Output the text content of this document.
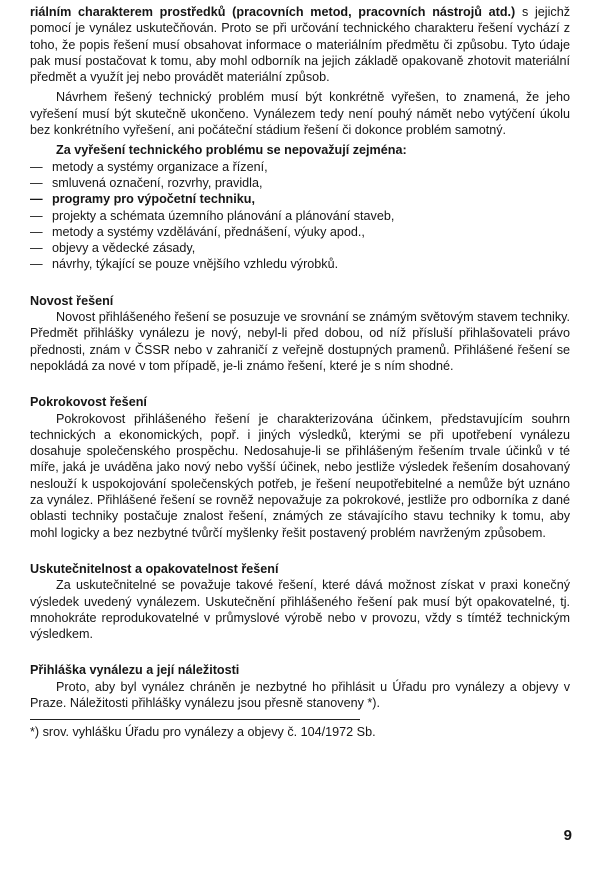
riálním charakterem prostředků (pracovních metod, pracovních nástrojů atd.) s jejichž pomocí je vynález uskutečňován. Proto se při určování technického charakteru řešení vychází z toho, že popis řešení musí obsahovat informace o materiálním předmětu či způsobu. Tyto údaje pak musí postačovat k tomu, aby mohl odborník na jejich základě opakovaně zhotovit materiální předmět a využít jej nebo provádět materiální způsob.

Návrhem řešený technický problém musí být konkrétně vyřešen, to znamená, že jeho vyřešení musí být skutečně ukončeno. Vynálezem tedy není pouhý námět nebo vytýčení úkolu bez konkrétního vyřešení, ani počáteční stádium řešení či dokonce problém samotný.

Za vyřešení technického problému se nepovažují zejména:

— metody a systémy organizace a řízení,
— smluvená označení, rozvrhy, pravidla,
— programy pro výpočetní techniku,
— projekty a schémata územního plánování a plánování staveb,
— metody a systémy vzdělávání, přednášení, výuky apod.,
— objevy a vědecké zásady,
— návrhy, týkající se pouze vnějšího vzhledu výrobků.
Novost řešení

Novost přihlášeného řešení se posuzuje ve srovnání se známým světovým stavem techniky. Předmět přihlášky vynálezu je nový, nebyl-li před dobou, od níž přísluší přihlašovateli právo přednosti, znám v ČSSR nebo v zahraničí z veřejně dostupných pramenů. Přihlášené řešení se nepokládá za nové v tom případě, je-li známo řešení, které je s ním shodné.

Pokrokovost řešení

Pokrokovost přihlášeného řešení je charakterizována účinkem, představujícím souhrn technických a ekonomických, popř. i jiných výsledků, kterými se při upotřebení vynálezu dosahuje společenského prospěchu. Nedosahuje-li se přihlášeným řešením trvale účinků v té míře, jaká je uváděna jako nový nebo vyšší účinek, nebo jestliže výsledek řešením dosahovaný neslouží k uspokojování společenských potřeb, je řešení neupotřebitelné a nemůže být uznáno za vynález. Přihlášené řešení se rovněž nepovažuje za pokrokové, jestliže pro odborníka z dané oblasti techniky postačuje znalost řešení, známých ze stávajícího stavu techniky k tomu, aby mohl logicky a bez nezbytné tvůrčí myšlenky řešit postavený problém navrženým způsobem.

Uskutečnitelnost a opakovatelnost řešení

Za uskutečnitelné se považuje takové řešení, které dává možnost získat v praxi konečný výsledek uvedený vynálezem. Uskutečnění přihlášeného řešení pak musí být opakovatelné, tj. mnohokráte reprodukovatelné v průmyslové výrobě nebo v provozu, vždy s tímtéž technickým výsledkem.

Přihláška vynálezu a její náležitosti

Proto, aby byl vynález chráněn je nezbytné ho přihlásit u Úřadu pro vynálezy a objevy v Praze. Náležitosti přihlášky vynálezu jsou přesně stanoveny *).

*) srov. vyhlášku Úřadu pro vynálezy a objevy č. 104/1972 Sb.

9
